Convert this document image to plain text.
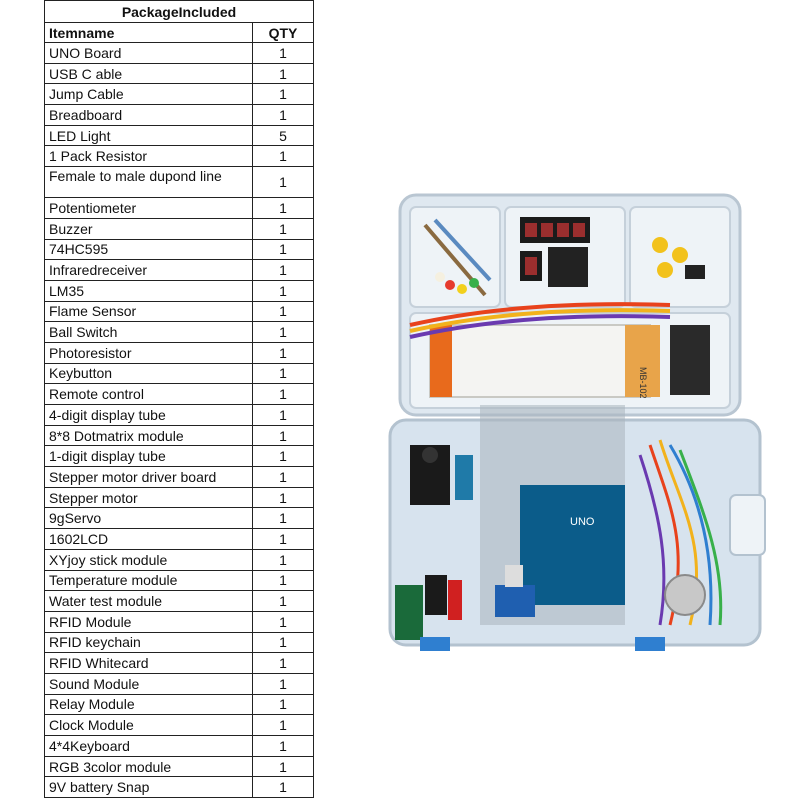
PackageIncluded	
Itemname	QTY
UNO Board	1
USB C able	1
Jump Cable	1
Breadboard	1
LED Light	5
1 Pack Resistor	1
Female to male dupond line	1
Potentiometer	1
Buzzer	1
74HC595	1
Infraredreceiver	1
LM35	1
Flame Sensor	1
Ball Switch	1
Photoresistor	1
Keybutton	1
Remote control	1
4-digit display tube	1
8*8 Dotmatrix module	1
1-digit display tube	1
Stepper motor driver board	1
Stepper motor	1
9gServo	1
1602LCD	1
XYjoy stick module	1
Temperature module	1
Water test module	1
RFID Module	1
RFID keychain	1
RFID Whitecard	1
Sound Module	1
Relay Module	1
Clock Module	1
4*4Keyboard	1
RGB 3color module	1
9V battery Snap	1
MB-102
UNO
